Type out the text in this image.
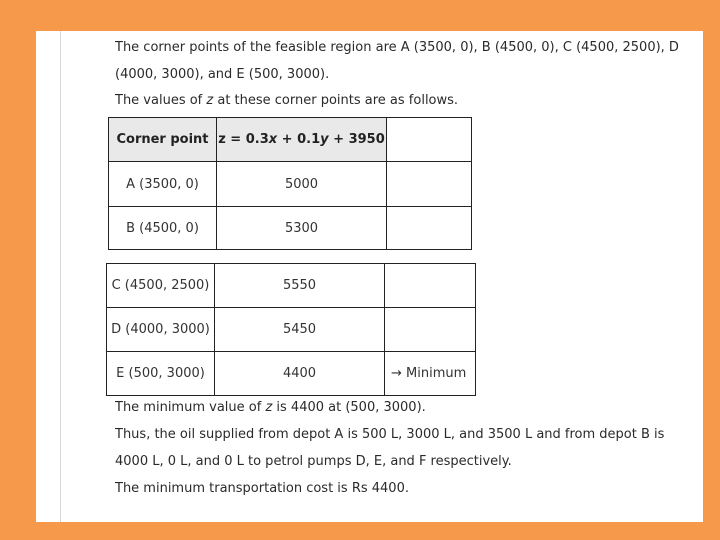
The corner points of the feasible region are A (3500, 0), B (4500, 0), C (4500, 2500), D
(4000, 3000), and E (500, 3000).
The values of z at these corner points are as follows.
Corner point	z = 0.3x + 0.1y + 3950	
A (3500, 0)	5000	
B (4500, 0)	5300	
C (4500, 2500)	5550	
D (4000, 3000)	5450	
E (500, 3000)	4400	→ Minimum
The minimum value of z is 4400 at (500, 3000).
Thus, the oil supplied from depot A is 500 L, 3000 L, and 3500 L and from depot B is
4000 L, 0 L, and 0 L to petrol pumps D, E, and F respectively.
The minimum transportation cost is Rs 4400.
